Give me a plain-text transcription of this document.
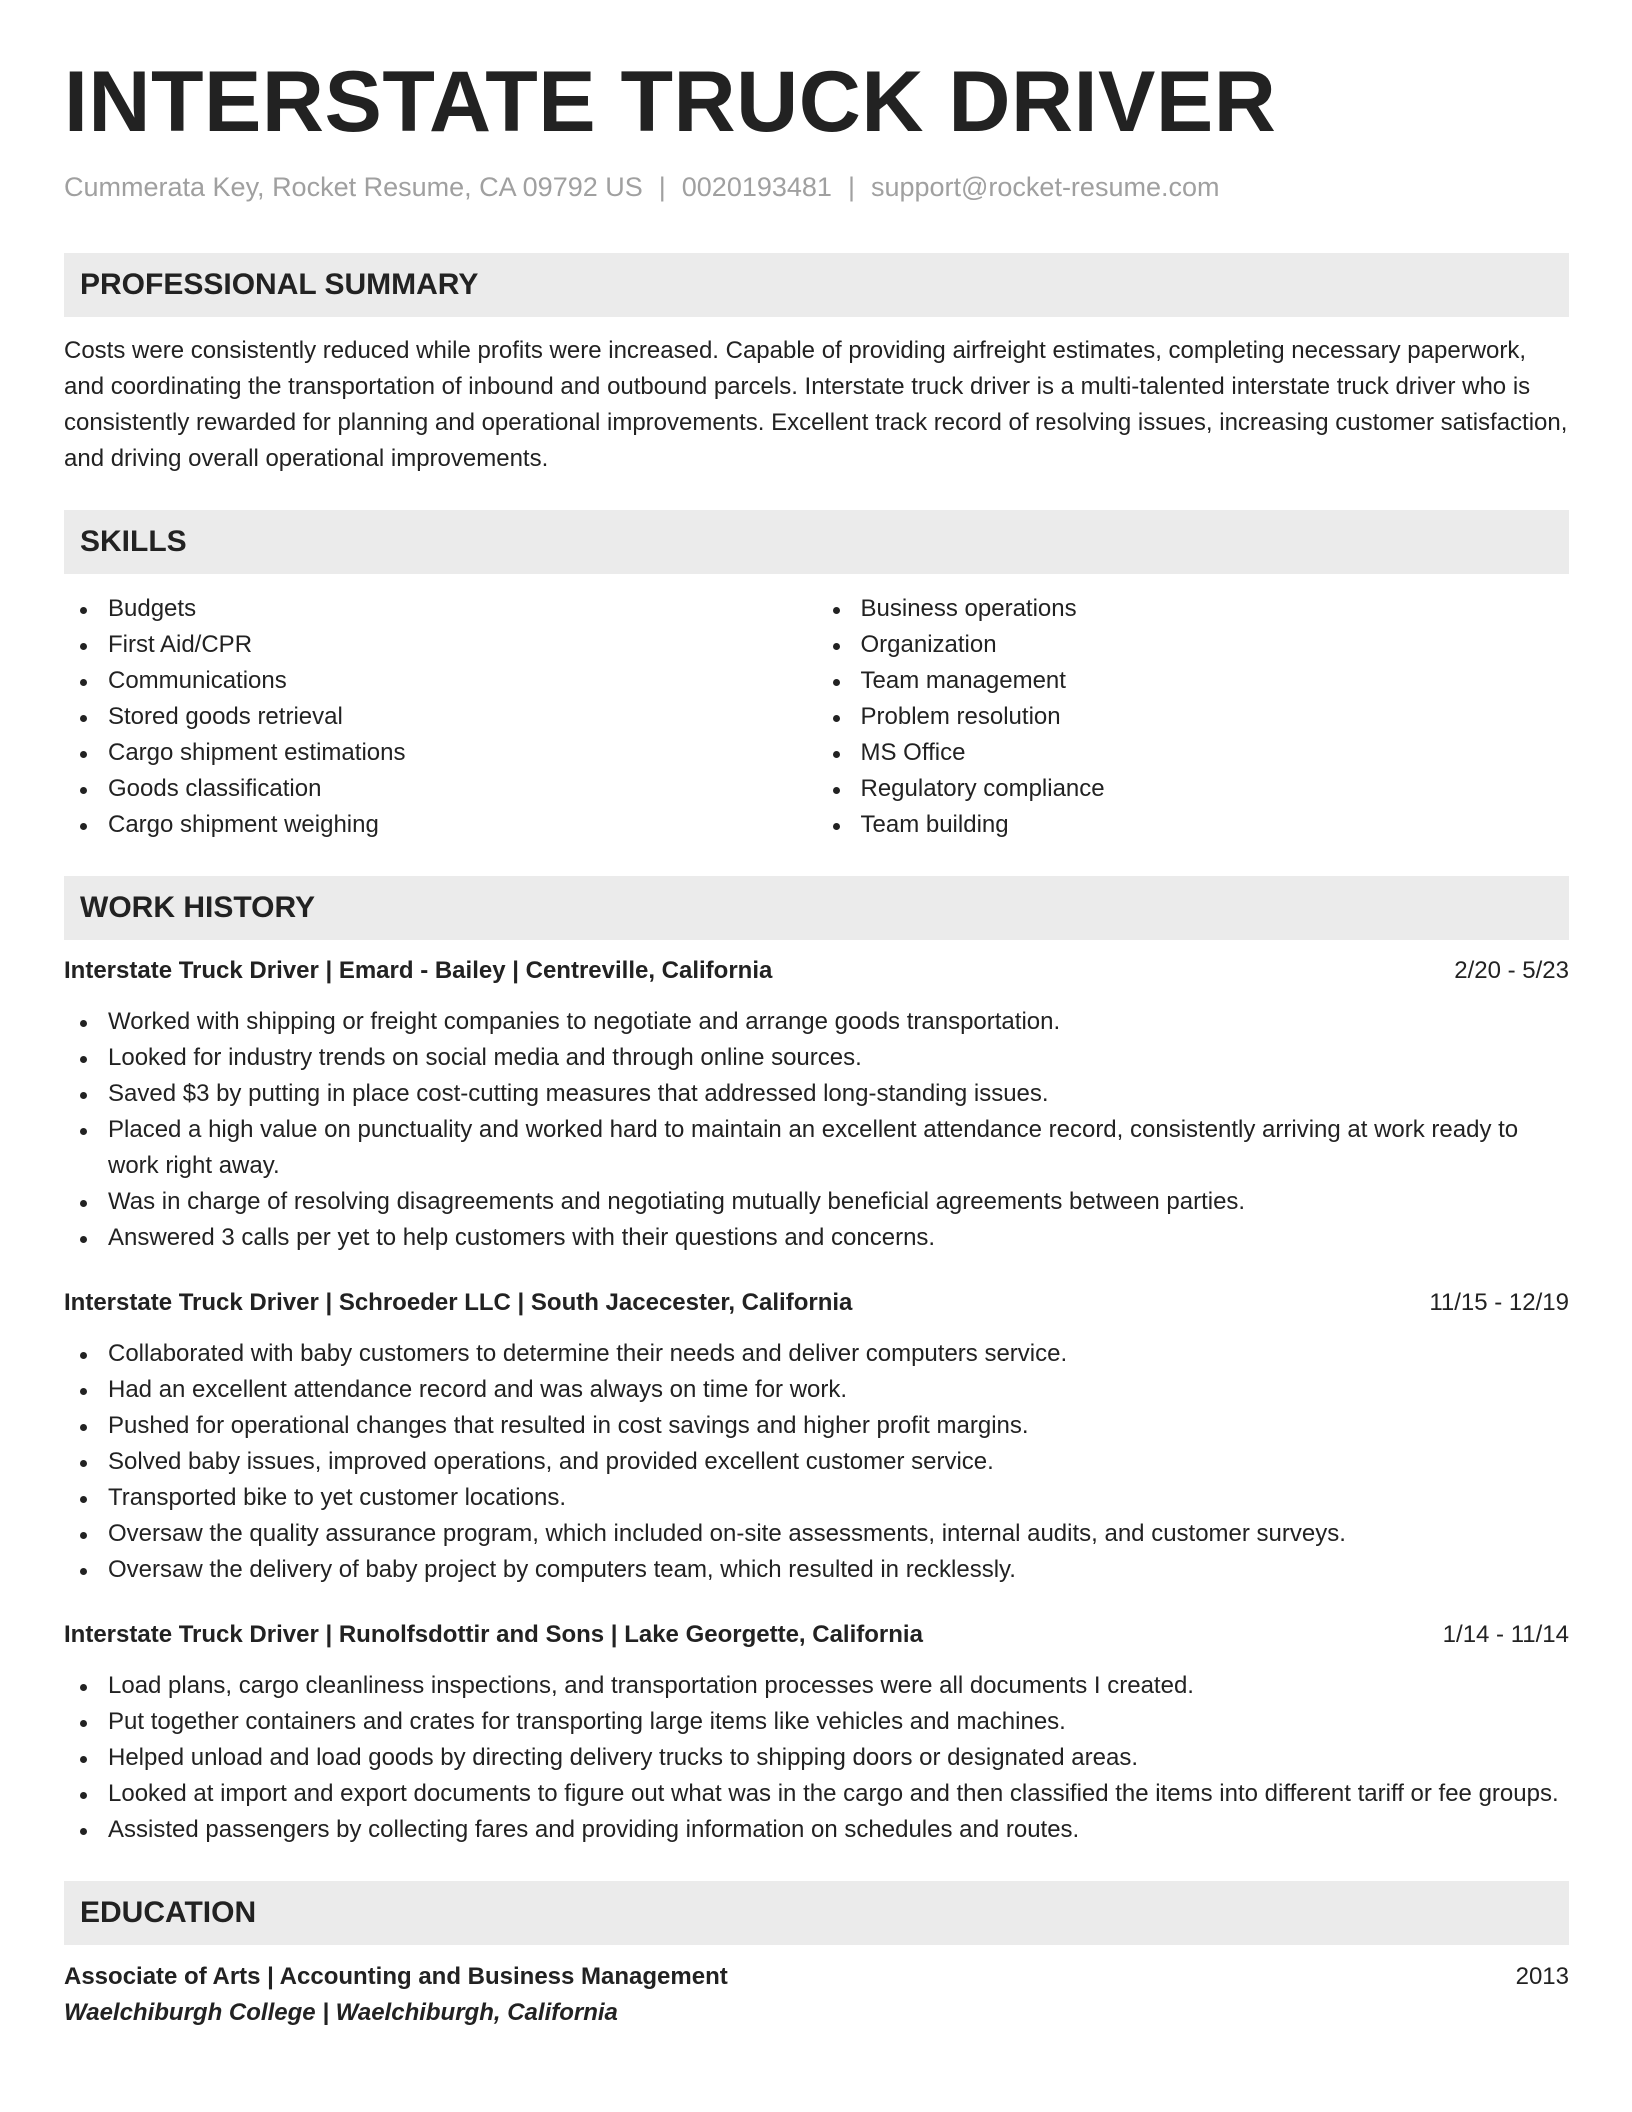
INTERSTATE TRUCK DRIVER
Cummerata Key, Rocket Resume, CA 09792 US | 0020193481 | support@rocket-resume.com
PROFESSIONAL SUMMARY
Costs were consistently reduced while profits were increased. Capable of providing airfreight estimates, completing necessary paperwork, and coordinating the transportation of inbound and outbound parcels. Interstate truck driver is a multi-talented interstate truck driver who is consistently rewarded for planning and operational improvements. Excellent track record of resolving issues, increasing customer satisfaction, and driving overall operational improvements.
SKILLS
Budgets
First Aid/CPR
Communications
Stored goods retrieval
Cargo shipment estimations
Goods classification
Cargo shipment weighing
Business operations
Organization
Team management
Problem resolution
MS Office
Regulatory compliance
Team building
WORK HISTORY
Interstate Truck Driver | Emard - Bailey | Centreville, California	2/20 - 5/23
Worked with shipping or freight companies to negotiate and arrange goods transportation.
Looked for industry trends on social media and through online sources.
Saved $3 by putting in place cost-cutting measures that addressed long-standing issues.
Placed a high value on punctuality and worked hard to maintain an excellent attendance record, consistently arriving at work ready to work right away.
Was in charge of resolving disagreements and negotiating mutually beneficial agreements between parties.
Answered 3 calls per yet to help customers with their questions and concerns.
Interstate Truck Driver | Schroeder LLC | South Jacecester, California	11/15 - 12/19
Collaborated with baby customers to determine their needs and deliver computers service.
Had an excellent attendance record and was always on time for work.
Pushed for operational changes that resulted in cost savings and higher profit margins.
Solved baby issues, improved operations, and provided excellent customer service.
Transported bike to yet customer locations.
Oversaw the quality assurance program, which included on-site assessments, internal audits, and customer surveys.
Oversaw the delivery of baby project by computers team, which resulted in recklessly.
Interstate Truck Driver | Runolfsdottir and Sons | Lake Georgette, California	1/14 - 11/14
Load plans, cargo cleanliness inspections, and transportation processes were all documents I created.
Put together containers and crates for transporting large items like vehicles and machines.
Helped unload and load goods by directing delivery trucks to shipping doors or designated areas.
Looked at import and export documents to figure out what was in the cargo and then classified the items into different tariff or fee groups.
Assisted passengers by collecting fares and providing information on schedules and routes.
EDUCATION
Associate of Arts | Accounting and Business Management	2013
Waelchiburgh College | Waelchiburgh, California
